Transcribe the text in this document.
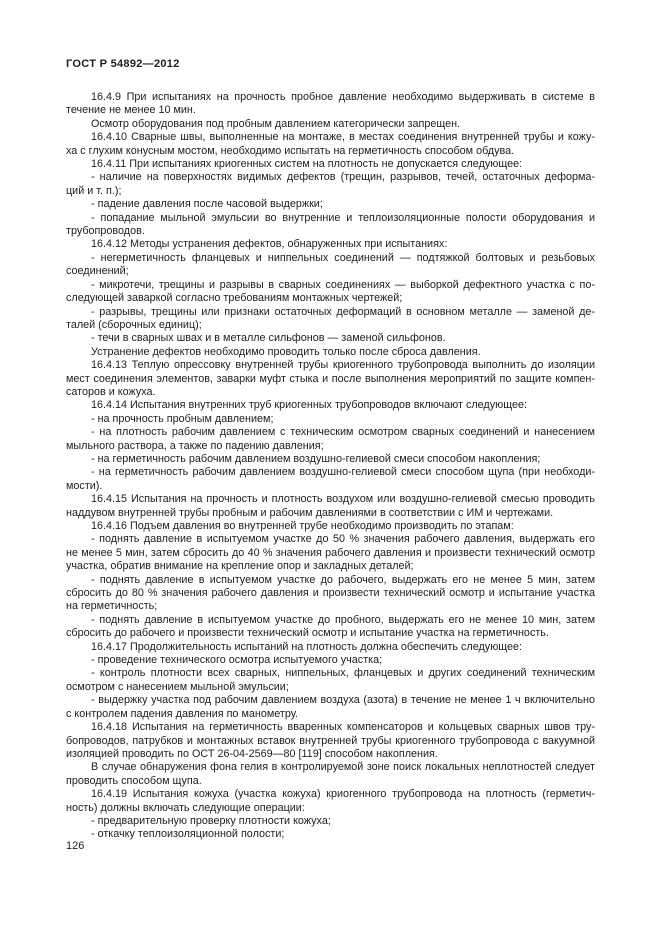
ГОСТ Р 54892—2012
16.4.9 При испытаниях на прочность пробное давление необходимо выдерживать в системе в
течение не менее 10 мин.
Осмотр оборудования под пробным давлением категорически запрещен.
16.4.10 Сварные швы, выполненные на монтаже, в местах соединения внутренней трубы и кожу-
ха с глухим конусным мостом, необходимо испытать на герметичность способом обдува.
16.4.11 При испытаниях криогенных систем на плотность не допускается следующее:
- наличие на поверхностях видимых дефектов (трещин, разрывов, течей, остаточных деформа-
ций и т. п.);
- падение давления после часовой выдержки;
- попадание мыльной эмульсии во внутренние и теплоизоляционные полости оборудования и
трубопроводов.
16.4.12 Методы устранения дефектов, обнаруженных при испытаниях:
- негерметичность фланцевых и ниппельных соединений — подтяжкой болтовых и резьбовых
соединений;
- микротечи, трещины и разрывы в сварных соединениях — выборкой дефектного участка с по-
следующей заваркой согласно требованиям монтажных чертежей;
- разрывы, трещины или признаки остаточных деформаций в основном металле — заменой де-
талей (сборочных единиц);
- течи в сварных швах и в металле сильфонов — заменой сильфонов.
Устранение дефектов необходимо проводить только после сброса давления.
16.4.13 Теплую опрессовку внутренней трубы криогенного трубопровода выполнить до изоляции
мест соединения элементов, заварки муфт стыка и после выполнения мероприятий по защите компен-
саторов и кожуха.
16.4.14 Испытания внутренних труб криогенных трубопроводов включают следующее:
- на прочность пробным давлением;
- на плотность рабочим давлением с техническим осмотром сварных соединений и нанесением
мыльного раствора, а также по падению давления;
- на герметичность рабочим давлением воздушно-гелиевой смеси способом накопления;
- на герметичность рабочим давлением воздушно-гелиевой смеси способом щупа (при необходи-
мости).
16.4.15 Испытания на прочность и плотность воздухом или воздушно-гелиевой смесью проводить
наддувом внутренней трубы пробным и рабочим давлениями в соответствии с ИМ и чертежами.
16.4.16 Подъем давления во внутренней трубе необходимо производить по этапам:
- поднять давление в испытуемом участке до 50 % значения рабочего давления, выдержать его
не менее 5 мин, затем сбросить до 40 % значения рабочего давления и произвести технический осмотр
участка, обратив внимание на крепление опор и закладных деталей;
- поднять давление в испытуемом участке до рабочего, выдержать его не менее 5 мин, затем
сбросить до 80 % значения рабочего давления и произвести технический осмотр и испытание участка
на герметичность;
- поднять давление в испытуемом участке до пробного, выдержать его не менее 10 мин, затем
сбросить до рабочего и произвести технический осмотр и испытание участка на герметичность.
16.4.17 Продолжительность испытаний на плотность должна обеспечить следующее:
- проведение технического осмотра испытуемого участка;
- контроль плотности всех сварных, ниппельных, фланцевых и других соединений техническим
осмотром с нанесением мыльной эмульсии;
- выдержку участка под рабочим давлением воздуха (азота) в течение не менее 1 ч включительно
с контролем падения давления по манометру.
16.4.18 Испытания на герметичность вваренных компенсаторов и кольцевых сварных швов тру-
бопроводов, патрубков и монтажных вставок внутренней трубы криогенного трубопровода с вакуумной
изоляцией проводить по ОСТ 26-04-2569—80 [119] способом накопления.
В случае обнаружения фона гелия в контролируемой зоне поиск локальных неплотностей следует
проводить способом щупа.
16.4.19 Испытания кожуха (участка кожуха) криогенного трубопровода на плотность (герметич-
ность) должны включать следующие операции:
- предварительную проверку плотности кожуха;
- откачку теплоизоляционной полости;
126
